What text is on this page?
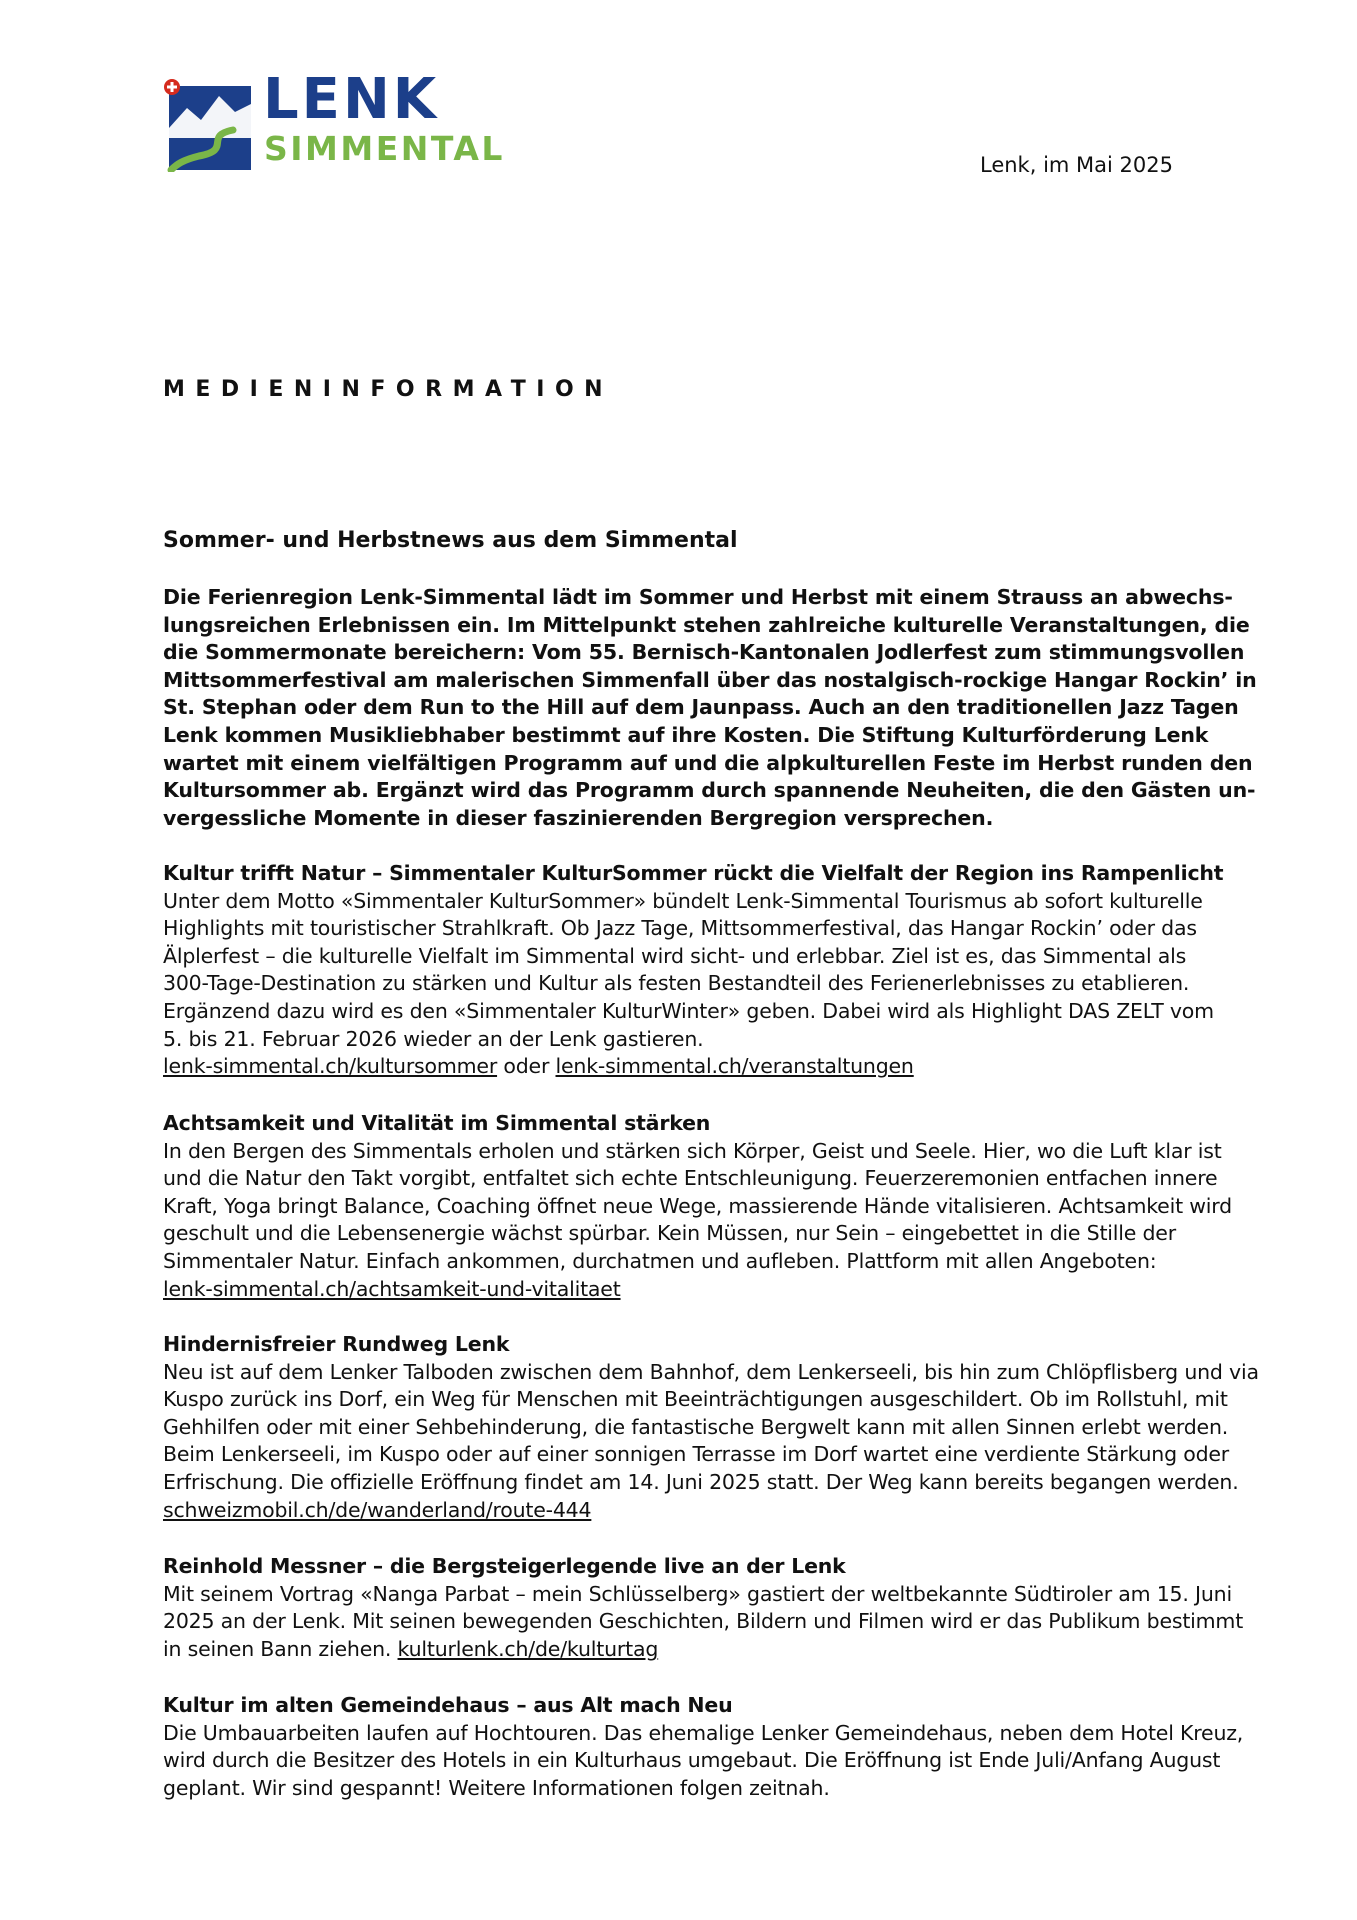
LENK
SIMMENTAL	Lenk, im Mai 2025
MEDIENINFORMATION
Sommer- und Herbstnews aus dem Simmental

Die Ferienregion Lenk-Simmental lädt im Sommer und Herbst mit einem Strauss an abwechs-

lungsreichen Erlebnissen ein. Im Mittelpunkt stehen zahlreiche kulturelle Veranstaltungen, die

die Sommermonate bereichern: Vom 55. Bernisch-Kantonalen Jodlerfest zum stimmungsvollen

Mittsommerfestival am malerischen Simmenfall über das nostalgisch-rockige Hangar Rockin’ in

St. Stephan oder dem Run to the Hill auf dem Jaunpass. Auch an den traditionellen Jazz Tagen

Lenk kommen Musikliebhaber bestimmt auf ihre Kosten. Die Stiftung Kulturförderung Lenk

wartet mit einem vielfältigen Programm auf und die alpkulturellen Feste im Herbst runden den

Kultursommer ab. Ergänzt wird das Programm durch spannende Neuheiten, die den Gästen un-

vergessliche Momente in dieser faszinierenden Bergregion versprechen.

Kultur trifft Natur – Simmentaler KulturSommer rückt die Vielfalt der Region ins Rampenlicht

Unter dem Motto «Simmentaler KulturSommer» bündelt Lenk-Simmental Tourismus ab sofort kulturelle

Highlights mit touristischer Strahlkraft. Ob Jazz Tage, Mittsommerfestival, das Hangar Rockin’ oder das

Älplerfest – die kulturelle Vielfalt im Simmental wird sicht- und erlebbar. Ziel ist es, das Simmental als

300-Tage-Destination zu stärken und Kultur als festen Bestandteil des Ferienerlebnisses zu etablieren.

Ergänzend dazu wird es den «Simmentaler KulturWinter» geben. Dabei wird als Highlight DAS ZELT vom

5. bis 21. Februar 2026 wieder an der Lenk gastieren.

lenk-simmental.ch/kultursommer oder lenk-simmental.ch/veranstaltungen

Achtsamkeit und Vitalität im Simmental stärken

In den Bergen des Simmentals erholen und stärken sich Körper, Geist und Seele. Hier, wo die Luft klar ist

und die Natur den Takt vorgibt, entfaltet sich echte Entschleunigung. Feuerzeremonien entfachen innere

Kraft, Yoga bringt Balance, Coaching öffnet neue Wege, massierende Hände vitalisieren. Achtsamkeit wird

geschult und die Lebensenergie wächst spürbar. Kein Müssen, nur Sein – eingebettet in die Stille der

Simmentaler Natur. Einfach ankommen, durchatmen und aufleben. Plattform mit allen Angeboten:

lenk-simmental.ch/achtsamkeit-und-vitalitaet

Hindernisfreier Rundweg Lenk

Neu ist auf dem Lenker Talboden zwischen dem Bahnhof, dem Lenkerseeli, bis hin zum Chlöpflisberg und via

Kuspo zurück ins Dorf, ein Weg für Menschen mit Beeinträchtigungen ausgeschildert. Ob im Rollstuhl, mit

Gehhilfen oder mit einer Sehbehinderung, die fantastische Bergwelt kann mit allen Sinnen erlebt werden.

Beim Lenkerseeli, im Kuspo oder auf einer sonnigen Terrasse im Dorf wartet eine verdiente Stärkung oder

Erfrischung. Die offizielle Eröffnung findet am 14. Juni 2025 statt. Der Weg kann bereits begangen werden.

schweizmobil.ch/de/wanderland/route-444

Reinhold Messner – die Bergsteigerlegende live an der Lenk

Mit seinem Vortrag «Nanga Parbat – mein Schlüsselberg» gastiert der weltbekannte Südtiroler am 15. Juni

2025 an der Lenk. Mit seinen bewegenden Geschichten, Bildern und Filmen wird er das Publikum bestimmt

in seinen Bann ziehen. kulturlenk.ch/de/kulturtag

Kultur im alten Gemeindehaus – aus Alt mach Neu

Die Umbauarbeiten laufen auf Hochtouren. Das ehemalige Lenker Gemeindehaus, neben dem Hotel Kreuz,

wird durch die Besitzer des Hotels in ein Kulturhaus umgebaut. Die Eröffnung ist Ende Juli/Anfang August

geplant. Wir sind gespannt! Weitere Informationen folgen zeitnah.
